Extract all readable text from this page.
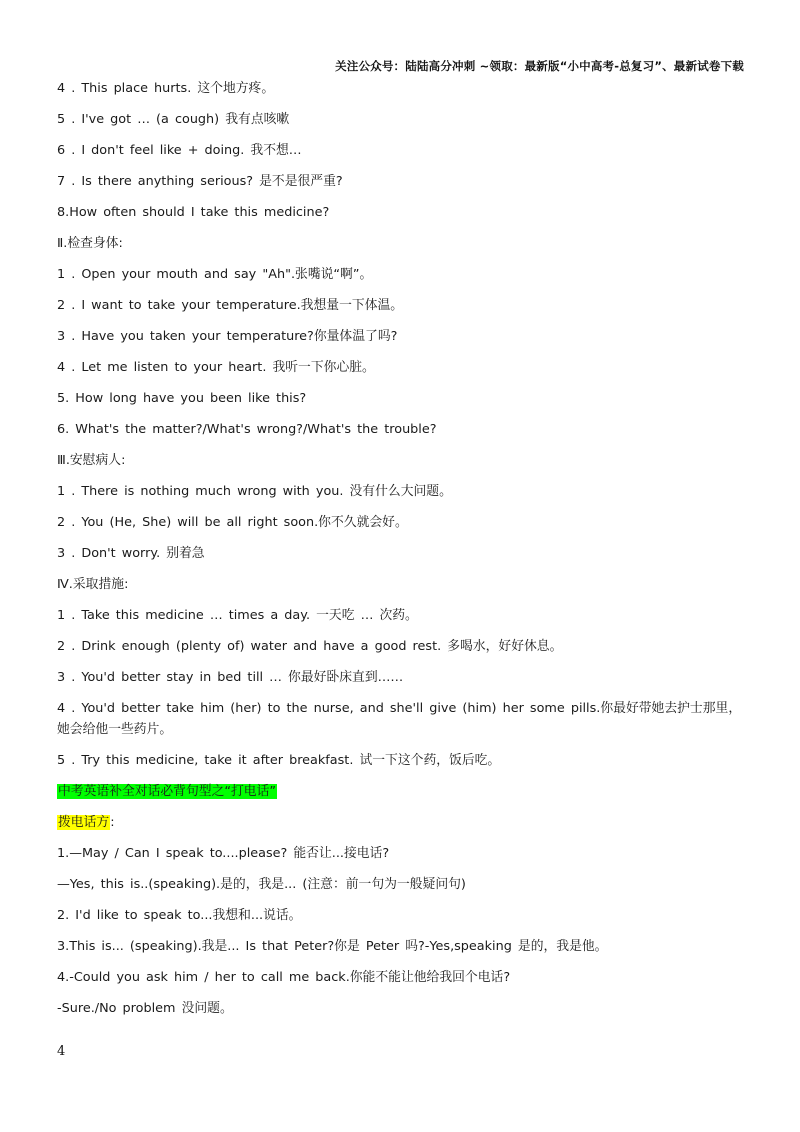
关注公众号：陆陆高分冲刺 ~领取：最新版“小中高考-总复习”、最新试卷下载
4 . This place hurts. 这个地方疼。
5 . I've got … (a cough) 我有点咳嗽
6 . I don't feel like + doing. 我不想…
7 . Is there anything serious? 是不是很严重?
8.How often should I take this medicine?
Ⅱ.检查身体:
1 . Open your mouth and say "Ah".张嘴说“啊”。
2 . I want to take your temperature.我想量一下体温。
3 . Have you taken your temperature?你量体温了吗?
4 . Let me listen to your heart. 我听一下你心脏。
5. How long have you been like this?
6. What's the matter?/What's wrong?/What's the trouble?
Ⅲ.安慰病人:
1 . There is nothing much wrong with you. 没有什么大问题。
2 . You (He, She) will be all right soon.你不久就会好。
3 . Don't worry. 别着急
Ⅳ.采取措施:
1 . Take this medicine … times a day. 一天吃 … 次药。
2 . Drink enough (plenty of) water and have a good rest. 多喝水，好好休息。
3 . You'd better stay in bed till … 你最好卧床直到……
4 . You'd better take him (her) to the nurse, and she'll give (him) her some pills.你最好带她去护士那里，她会给他一些药片。
5 . Try this medicine, take it after breakfast. 试一下这个药，饭后吃。
中考英语补全对话必背句型之“打电话”
拨电话方:
1.—May / Can I speak to....please? 能否让...接电话?
—Yes, this is..(speaking).是的，我是... (注意：前一句为一般疑问句)
2. I'd like to speak to...我想和...说话。
3.This is... (speaking).我是... Is that Peter?你是 Peter 吗?-Yes,speaking 是的，我是他。
4.-Could you ask him / her to call me back.你能不能让他给我回个电话?
-Sure./No problem 没问题。
4
